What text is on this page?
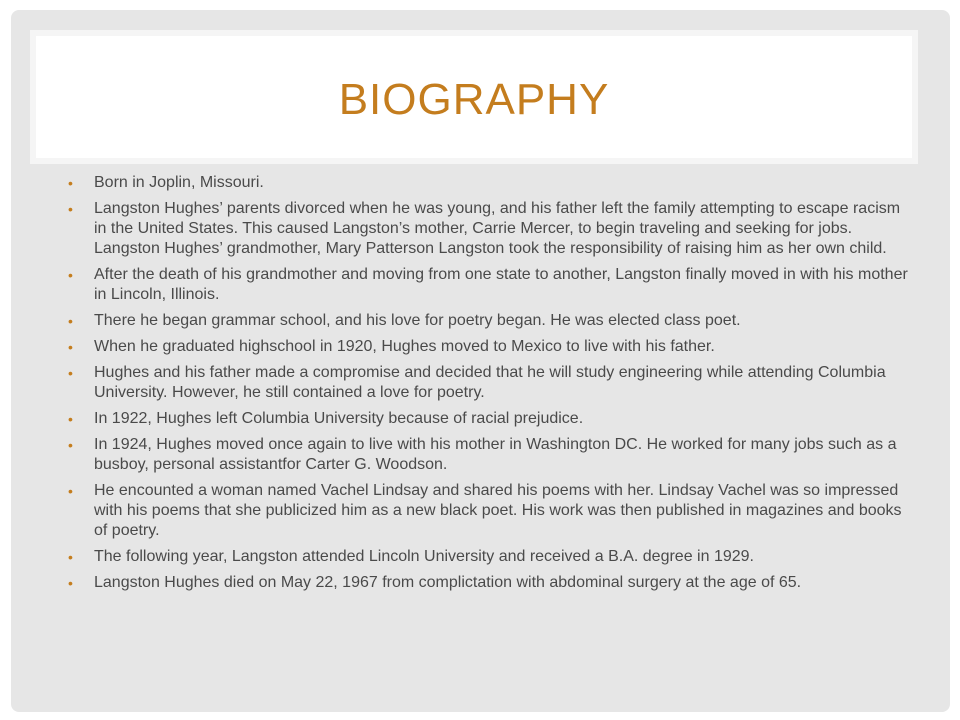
BIOGRAPHY
• Born in Joplin, Missouri.
• Langston Hughes’ parents divorced when he was young, and his father left the family attempting to escape racism in the United States. This caused Langston’s mother, Carrie Mercer, to begin traveling and seeking for jobs. Langston Hughes’ grandmother, Mary Patterson Langston took the responsibility of raising him as her own child.
• After the death of his grandmother and moving from one state to another, Langston finally moved in with his mother in Lincoln, Illinois.
• There he began grammar school, and his love for poetry began. He was elected class poet.
• When he graduated highschool in 1920, Hughes moved to Mexico to live with his father.
• Hughes and his father made a compromise and decided that he will study engineering while attending Columbia University. However, he still contained a love for poetry.
• In 1922, Hughes left Columbia University because of racial prejudice.
• In 1924, Hughes moved once again to live with his mother in Washington DC. He worked for many jobs such as a busboy, personal assistantfor Carter G. Woodson.
• He encounted a woman named Vachel Lindsay and shared his poems with her. Lindsay Vachel was so impressed with his poems that she publicized him as a new black poet. His work was then published in magazines and books of poetry.
• The following year, Langston attended Lincoln University and received a B.A. degree in 1929.
• Langston Hughes died on May 22, 1967 from complictation with abdominal surgery at the age of 65.
